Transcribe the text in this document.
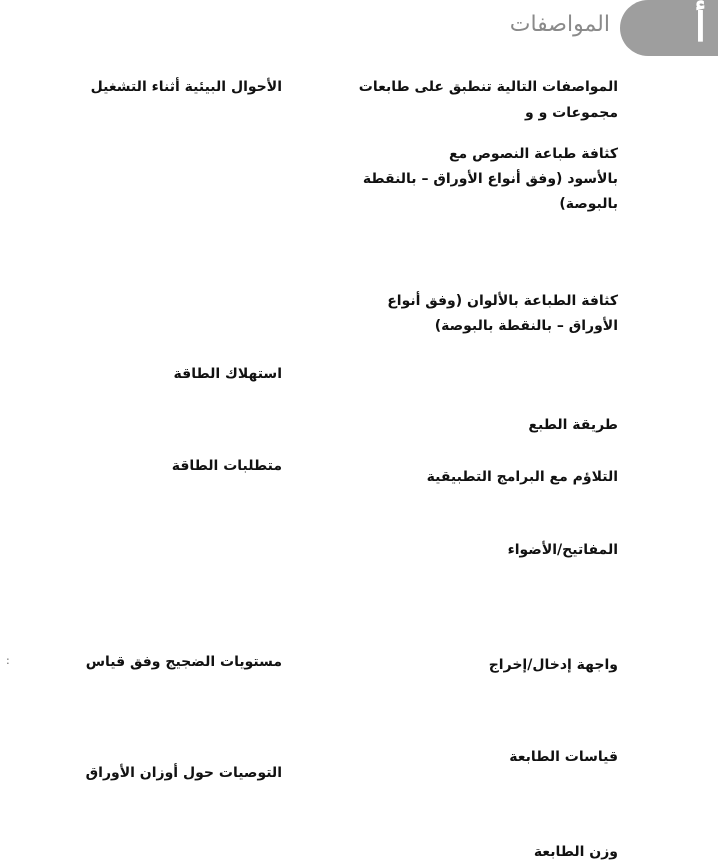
أ
المواصفات
المواصفات التالية تنطبق على طابعات
مجموعات و و
كثافة طباعة النصوص مع
بالأسود (وفق أنواع الأوراق – بالنقطة
بالبوصة)
كثافة الطباعة بالألوان (وفق أنواع
الأوراق – بالنقطة بالبوصة)
طريقة الطبع
التلاؤم مع البرامج التطبيقية
المفاتيح/الأضواء
واجهة إدخال/إخراج
قياسات الطابعة
وزن الطابعة
الأحوال البيئية أثناء التشغيل
استهلاك الطاقة
متطلبات الطاقة
مستويات الضجيج وفق قياس
التوصيات حول أوزان الأوراق
:
